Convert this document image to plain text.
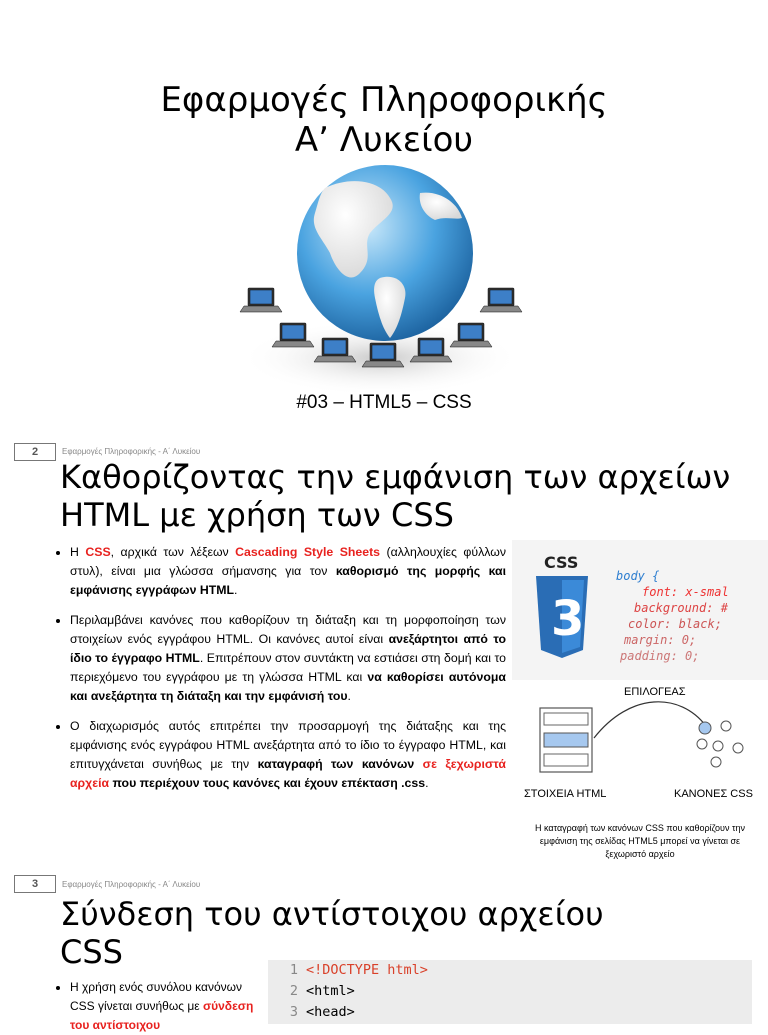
Εφαρμογές Πληροφορικής
Α’ Λυκείου
#03 – HTML5 – CSS
2	Εφαρμογές Πληροφορικής - Α΄ Λυκείου
Καθορίζοντας την εμφάνιση των αρχείων HTML με χρήση των CSS
• Η CSS, αρχικά των λέξεων Cascading Style Sheets (αλληλουχίες φύλλων στυλ), είναι μια γλώσσα σήμανσης για τον καθορισμό της μορφής και εμφάνισης εγγράφων HTML.
• Περιλαμβάνει κανόνες που καθορίζουν τη διάταξη και τη μορφοποίηση των στοιχείων ενός εγγράφου HTML. Οι κανόνες αυτοί είναι ανεξάρτητοι από το ίδιο το έγγραφο HTML. Επιτρέπουν στον συντάκτη να εστιάσει στη δομή και το περιεχόμενο του εγγράφου με τη γλώσσα HTML και να καθορίσει αυτόνομα και ανεξάρτητα τη διάταξη και την εμφάνισή του.
• Ο διαχωρισμός αυτός επιτρέπει την προσαρμογή της διάταξης και της εμφάνισης ενός εγγράφου HTML ανεξάρτητα από το ίδιο το έγγραφο HTML, και επιτυγχάνεται συνήθως με την καταγραφή των κανόνων σε ξεχωριστά αρχεία που περιέχουν τους κανόνες και έχουν επέκταση .css.
CSS
3
body {
font: x-smal
background: #
color: black;
margin: 0;
padding: 0;
ΕΠΙΛΟΓΕΑΣ
ΣΤΟΙΧΕΙΑ HTML	ΚΑΝΟΝΕΣ CSS
Η καταγραφή των κανόνων CSS που καθορίζουν την εμφάνιση της σελίδας HTML5 μπορεί να γίνεται σε ξεχωριστό αρχείο
3	Εφαρμογές Πληροφορικής - Α΄ Λυκείου
Σύνδεση του αντίστοιχου αρχείου
CSS
• Η χρήση ενός συνόλου κανόνων CSS γίνεται συνήθως με σύνδεση του αντίστοιχου
1 <!DOCTYPE html>
2 <html>
3 <head>
